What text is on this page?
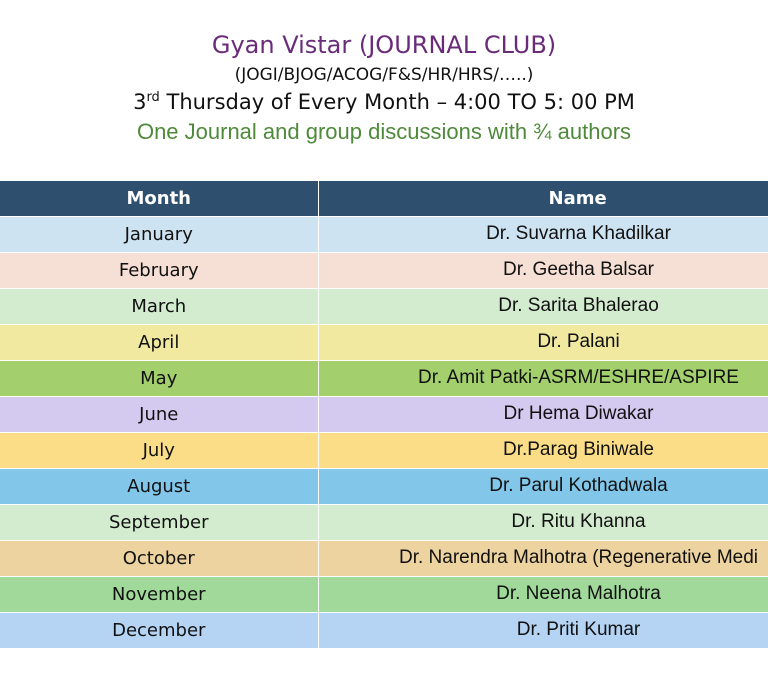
Gyan Vistar (JOURNAL CLUB)
(JOGI/BJOG/ACOG/F&S/HR/HRS/…..)
3rd Thursday of Every Month – 4:00 TO 5: 00 PM
One Journal and group discussions with ¾ authors
Month	Name

January	Dr. Suvarna Khadilkar

February	Dr. Geetha Balsar

March	Dr. Sarita Bhalerao

April	Dr. Palani

May	Dr. Amit Patki-ASRM/ESHRE/ASPIRE

June	Dr Hema Diwakar

July	Dr.Parag Biniwale

August	Dr. Parul Kothadwala

September	Dr. Ritu Khanna

October	Dr. Narendra Malhotra (Regenerative Medi

November	Dr. Neena Malhotra

December	Dr. Priti Kumar
